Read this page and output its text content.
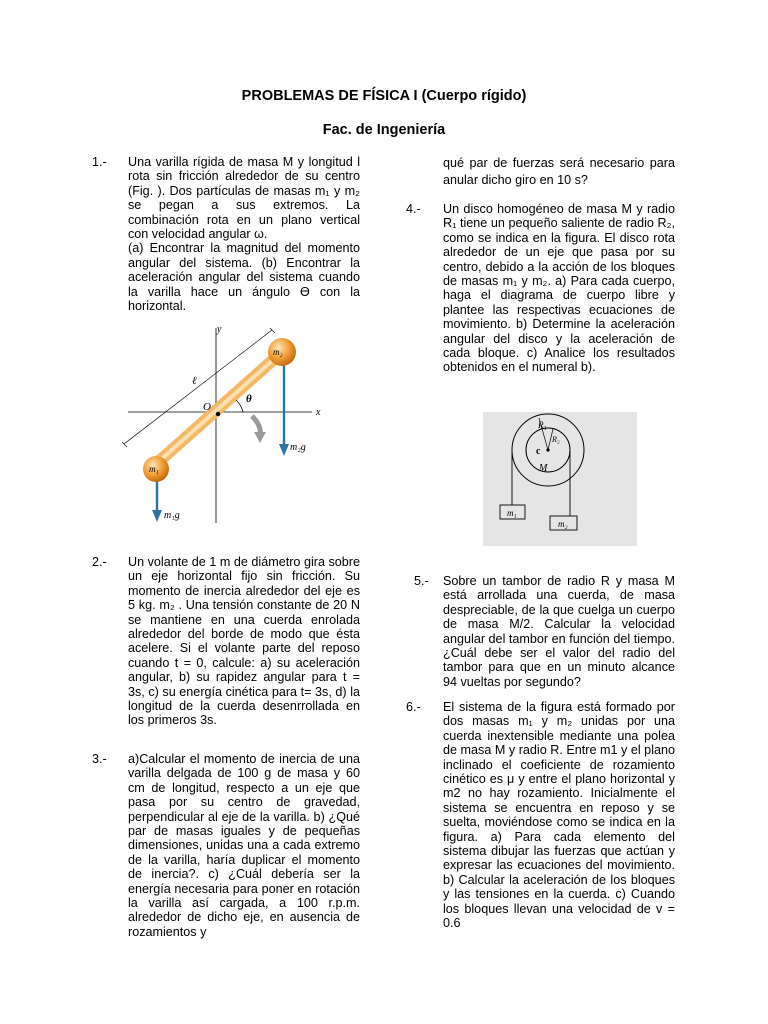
PROBLEMAS DE FÍSICA I (Cuerpo rígido)
Fac. de Ingeniería
1.- Una varilla rígida de masa M y longitud l rota sin fricción alrededor de su centro (Fig. ). Dos partículas de masas m₁ y m₂ se pegan a sus extremos. La combinación rota en un plano vertical con velocidad angular ω.
(a) Encontrar la magnitud del momento angular del sistema. (b) Encontrar la aceleración angular del sistema cuando la varilla hace un ángulo ϴ con la horizontal.
y
x
O
ℓ
θ
m₂
m₁
m₂g
m₁g
2.- Un volante de 1 m de diámetro gira sobre un eje horizontal fijo sin fricción. Su momento de inercia alrededor del eje es 5 kg. m₂ . Una tensión constante de 20 N se mantiene en una cuerda enrolada alrededor del borde de modo que ésta acelere. Si el volante parte del reposo cuando t = 0, calcule: a) su aceleración angular, b) su rapidez angular para t = 3s, c) su energía cinética para t= 3s, d) la longitud de la cuerda desenrrollada en los primeros 3s.
3.- a)Calcular el momento de inercia de una varilla delgada de 100 g de masa y 60 cm de longitud, respecto a un eje que pasa por su centro de gravedad, perpendicular al eje de la varilla. b) ¿Qué par de masas iguales y de pequeñas dimensiones, unidas una a cada extremo de la varilla, haría duplicar el momento de inercia?. c) ¿Cuál debería ser la energía necesaria para poner en rotación la varilla así cargada, a 100 r.p.m. alrededor de dicho eje, en ausencia de rozamientos y
qué par de fuerzas será necesario para anular dicho giro en 10 s?
4.- Un disco homogéneo de masa M y radio R₁ tiene un pequeño saliente de radio R₂, como se indica en la figura. El disco rota alrededor de un eje que pasa por su centro, debido a la acción de los bloques de masas m₁ y m₂. a) Para cada cuerpo, haga el diagrama de cuerpo libre y plantee las respectivas ecuaciones de movimiento. b) Determine la aceleración angular del disco y la aceleración de cada bloque. c) Analice los resultados obtenidos en el numeral b).
R₁
R₂
c
M
m₁
m₂
5.- Sobre un tambor de radio R y masa M está arrollada una cuerda, de masa despreciable, de la que cuelga un cuerpo de masa M/2. Calcular la velocidad angular del tambor en función del tiempo. ¿Cuál debe ser el valor del radio del tambor para que en un minuto alcance 94 vueltas por segundo?
6.- El sistema de la figura está formado por dos masas m₁ y m₂ unidas por una cuerda inextensible mediante una polea de masa M y radio R. Entre m1 y el plano inclinado el coeficiente de rozamiento cinético es μ y entre el plano horizontal y m2 no hay rozamiento. Inicialmente el sistema se encuentra en reposo y se suelta, moviéndose como se indica en la figura. a) Para cada elemento del sistema dibujar las fuerzas que actúan y expresar las ecuaciones del movimiento. b) Calcular la aceleración de los bloques y las tensiones en la cuerda. c) Cuando los bloques llevan una velocidad de v = 0.6
